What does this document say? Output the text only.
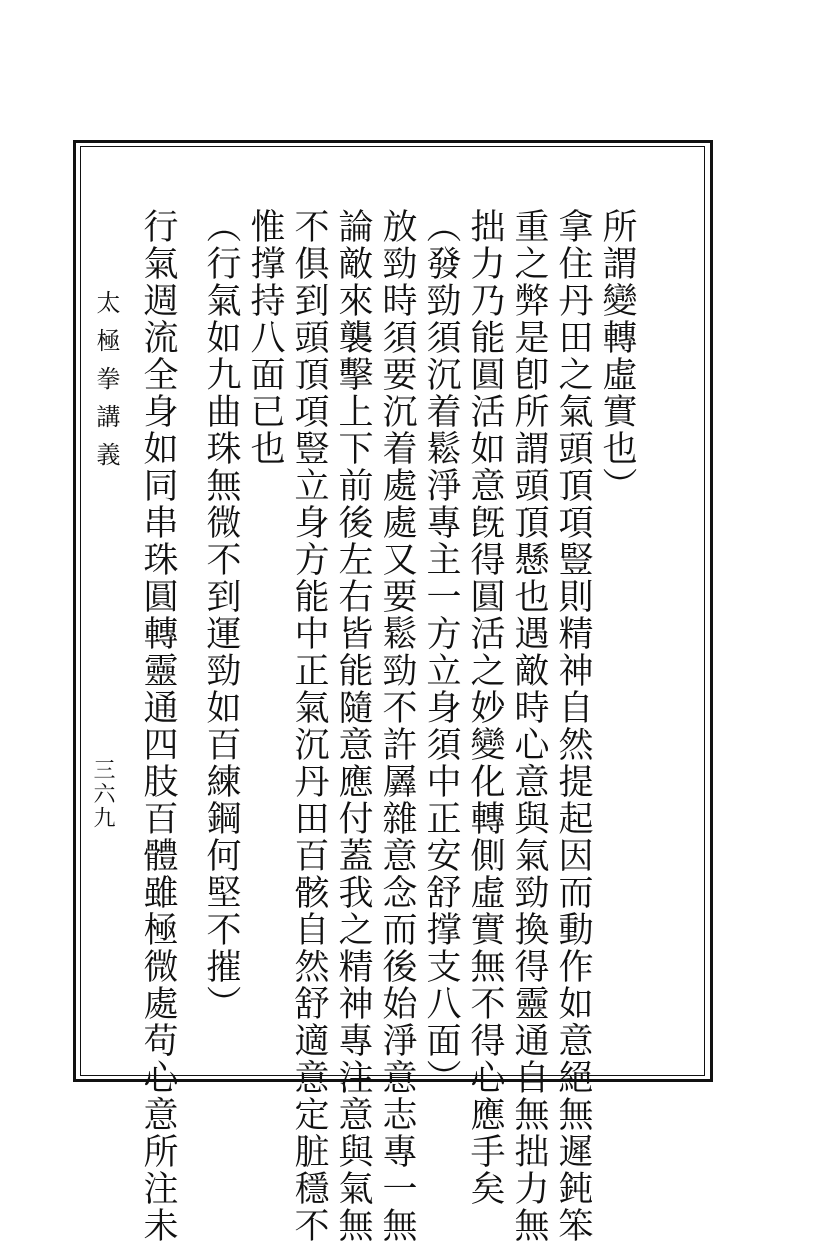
所謂變轉虛實也）
拿住丹田之氣頭頂項豎則精神自然提起因而動作如意絕無遲鈍笨
重之弊是卽所謂頭頂懸也遇敵時心意與氣勁換得靈通自無拙力無
拙力乃能圓活如意旣得圓活之妙變化轉側虛實無不得心應手矣
（發勁須沉着鬆淨專主一方立身須中正安舒撑支八面）
放勁時須要沉着處處又要鬆勁不許羼雜意念而後始淨意志專一無
論敵來襲擊上下前後左右皆能隨意應付蓋我之精神專注意與氣無
不俱到頭頂項豎立身方能中正氣沉丹田百骸自然舒適意定脏穩不
惟撑持八面已也
（行氣如九曲珠無微不到運勁如百練鋼何堅不摧）
行氣週流全身如同串珠圓轉靈通四肢百體雖極微處苟心意所注未
太極拳講義
三六九
